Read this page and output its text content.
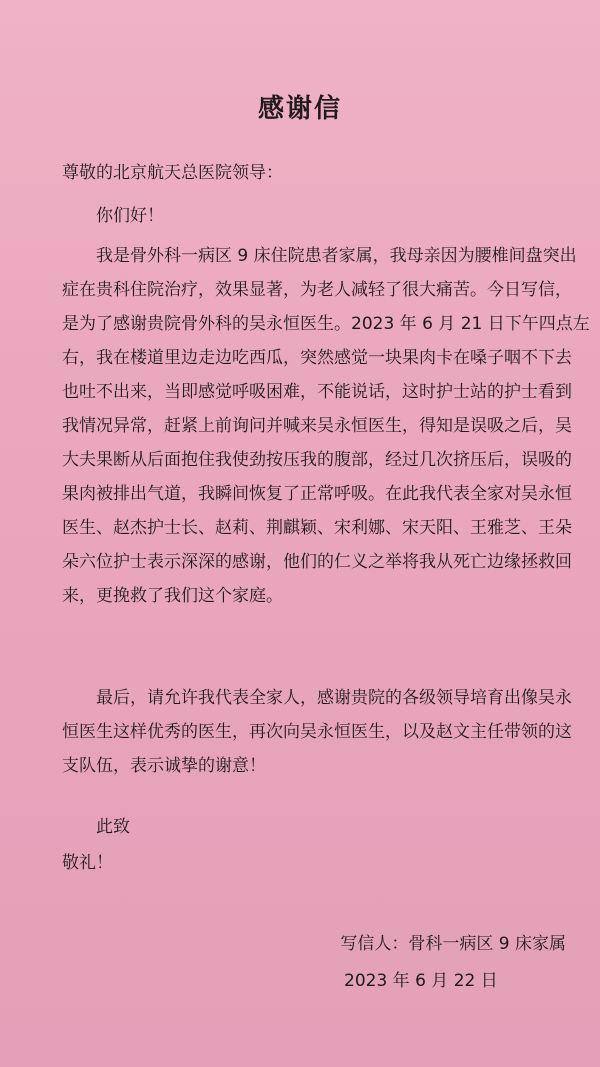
感谢信
尊敬的北京航天总医院领导：
你们好！
我是骨外科一病区 9 床住院患者家属，我母亲因为腰椎间盘突出
症在贵科住院治疗，效果显著，为老人减轻了很大痛苦。今日写信，
是为了感谢贵院骨外科的吴永恒医生。2023 年 6 月 21 日下午四点左
右，我在楼道里边走边吃西瓜，突然感觉一块果肉卡在嗓子咽不下去
也吐不出来，当即感觉呼吸困难，不能说话，这时护士站的护士看到
我情况异常，赶紧上前询问并喊来吴永恒医生，得知是误吸之后，吴
大夫果断从后面抱住我使劲按压我的腹部，经过几次挤压后，误吸的
果肉被排出气道，我瞬间恢复了正常呼吸。在此我代表全家对吴永恒
医生、赵杰护士长、赵莉、荆麒颖、宋利娜、宋天阳、王雅芝、王朵
朵六位护士表示深深的感谢，他们的仁义之举将我从死亡边缘拯救回
来，更挽救了我们这个家庭。
最后，请允许我代表全家人，感谢贵院的各级领导培育出像吴永
恒医生这样优秀的医生，再次向吴永恒医生，以及赵文主任带领的这
支队伍，表示诚挚的谢意！
此致
敬礼！
写信人：骨科一病区 9 床家属
2023 年 6 月 22 日
